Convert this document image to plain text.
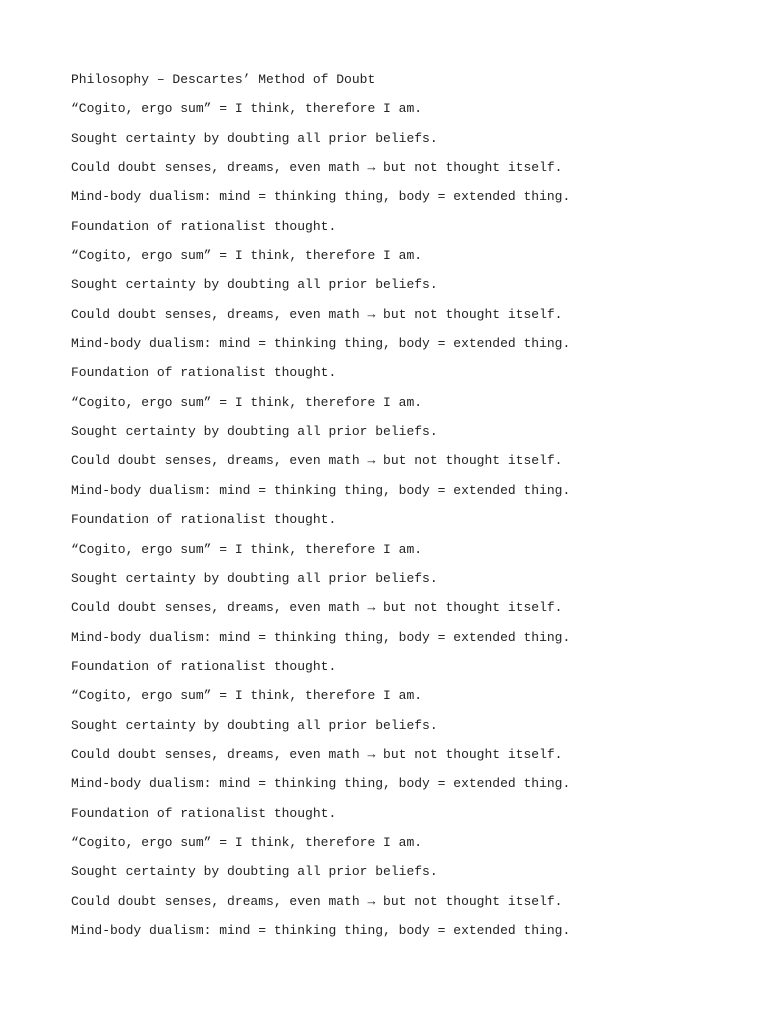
Philosophy – Descartes’ Method of Doubt

“Cogito, ergo sum” = I think, therefore I am.

Sought certainty by doubting all prior beliefs.

Could doubt senses, dreams, even math → but not thought itself.

Mind-body dualism: mind = thinking thing, body = extended thing.

Foundation of rationalist thought.

“Cogito, ergo sum” = I think, therefore I am.

Sought certainty by doubting all prior beliefs.

Could doubt senses, dreams, even math → but not thought itself.

Mind-body dualism: mind = thinking thing, body = extended thing.

Foundation of rationalist thought.

“Cogito, ergo sum” = I think, therefore I am.

Sought certainty by doubting all prior beliefs.

Could doubt senses, dreams, even math → but not thought itself.

Mind-body dualism: mind = thinking thing, body = extended thing.

Foundation of rationalist thought.

“Cogito, ergo sum” = I think, therefore I am.

Sought certainty by doubting all prior beliefs.

Could doubt senses, dreams, even math → but not thought itself.

Mind-body dualism: mind = thinking thing, body = extended thing.

Foundation of rationalist thought.

“Cogito, ergo sum” = I think, therefore I am.

Sought certainty by doubting all prior beliefs.

Could doubt senses, dreams, even math → but not thought itself.

Mind-body dualism: mind = thinking thing, body = extended thing.

Foundation of rationalist thought.

“Cogito, ergo sum” = I think, therefore I am.

Sought certainty by doubting all prior beliefs.

Could doubt senses, dreams, even math → but not thought itself.

Mind-body dualism: mind = thinking thing, body = extended thing.
